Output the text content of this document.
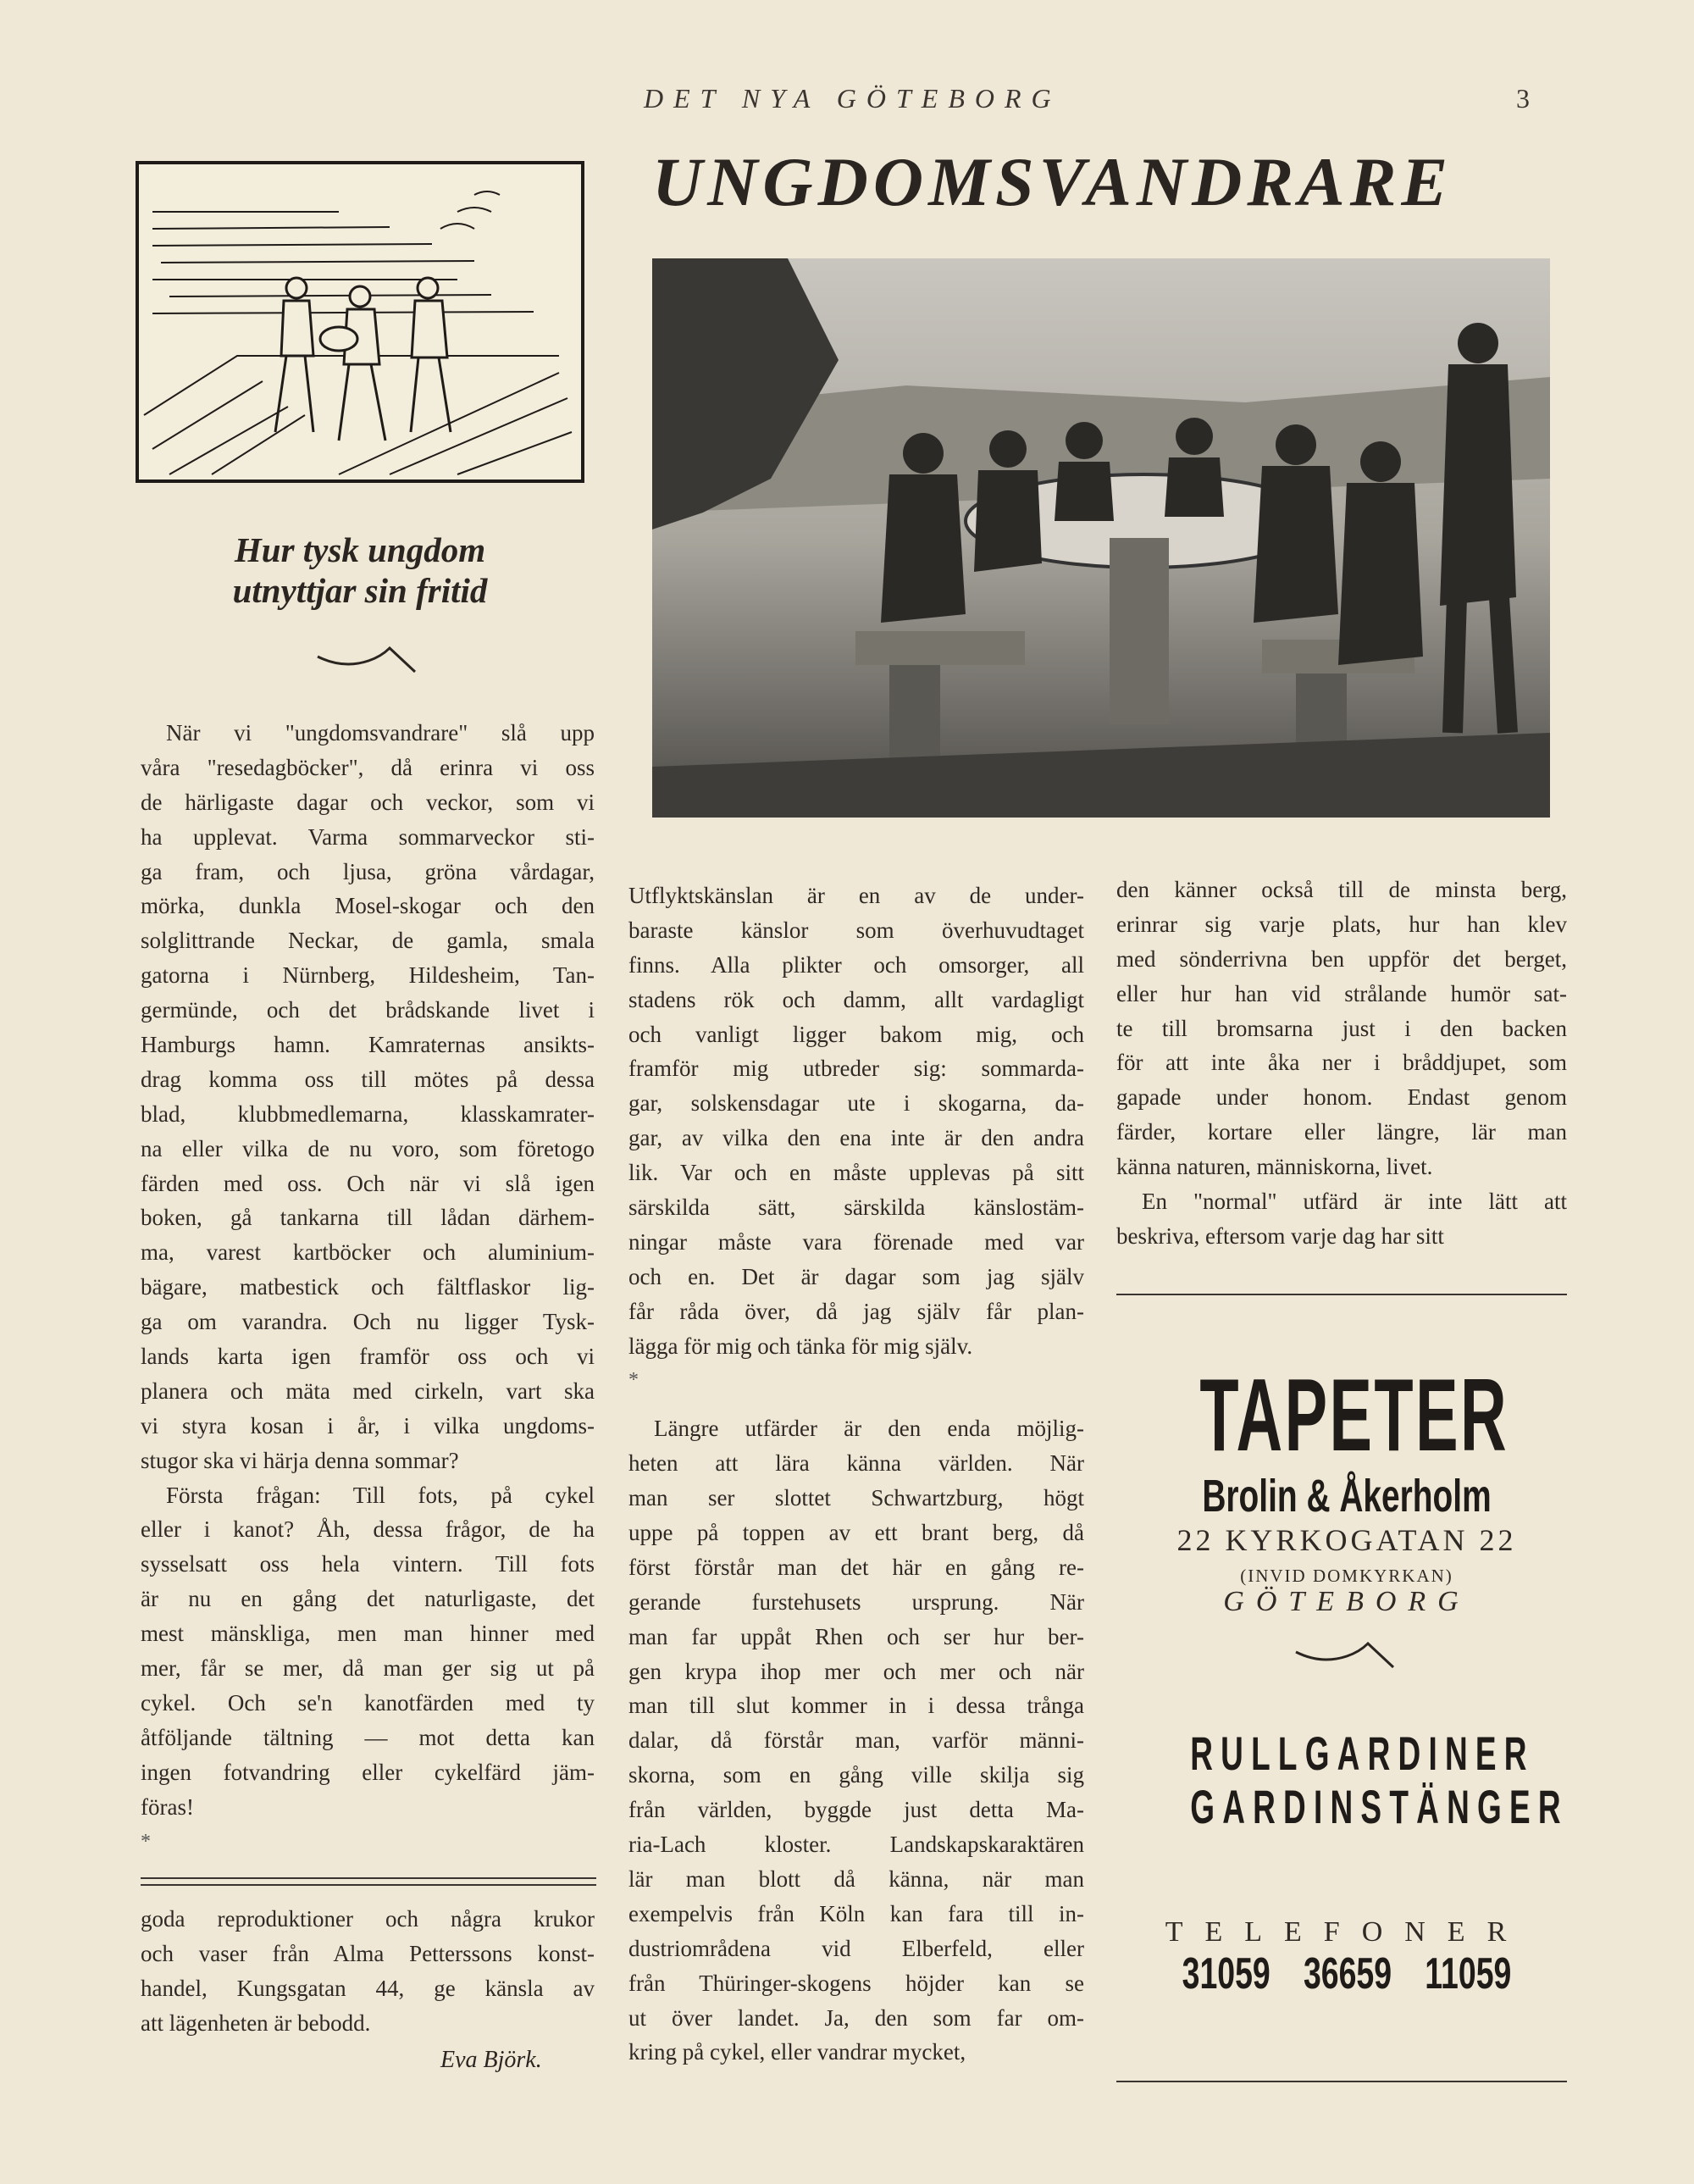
DET NYA GÖTEBORG	3
UNGDOMSVANDRARE
Hur tysk ungdom
utnyttjar sin fritid
När vi "ungdomsvandrare" slå upp
våra "resedagböcker", då erinra vi oss
de härligaste dagar och veckor, som vi
ha upplevat. Varma sommarveckor sti-
ga fram, och ljusa, gröna vårdagar,
mörka, dunkla Mosel-skogar och den
solglittrande Neckar, de gamla, smala
gatorna i Nürnberg, Hildesheim, Tan-
germünde, och det brådskande livet i
Hamburgs hamn. Kamraternas ansikts-
drag komma oss till mötes på dessa
blad, klubbmedlemarna, klasskamrater-
na eller vilka de nu voro, som företogo
färden med oss. Och när vi slå igen
boken, gå tankarna till lådan därhem-
ma, varest kartböcker och aluminium-
bägare, matbestick och fältflaskor lig-
ga om varandra. Och nu ligger Tysk-
lands karta igen framför oss och vi
planera och mäta med cirkeln, vart ska
vi styra kosan i år, i vilka ungdoms-
stugor ska vi härja denna sommar?
Första frågan: Till fots, på cykel
eller i kanot? Åh, dessa frågor, de ha
sysselsatt oss hela vintern. Till fots
är nu en gång det naturligaste, det
mest mänskliga, men man hinner med
mer, får se mer, då man ger sig ut på
cykel. Och se'n kanotfärden med ty
åtföljande tältning — mot detta kan
ingen fotvandring eller cykelfärd jäm-
föras!
*
goda reproduktioner och några krukor
och vaser från Alma Petterssons konst-
handel, Kungsgatan 44, ge känsla av
att lägenheten är bebodd.
Eva Björk.
Utflyktskänslan är en av de under-
baraste känslor som överhuvudtaget
finns. Alla plikter och omsorger, all
stadens rök och damm, allt vardagligt
och vanligt ligger bakom mig, och
framför mig utbreder sig: sommarda-
gar, solskensdagar ute i skogarna, da-
gar, av vilka den ena inte är den andra
lik. Var och en måste upplevas på sitt
särskilda sätt, särskilda känslostäm-
ningar måste vara förenade med var
och en. Det är dagar som jag själv
får råda över, då jag själv får plan-
lägga för mig och tänka för mig själv.
*
Längre utfärder är den enda möjlig-
heten att lära känna världen. När
man ser slottet Schwartzburg, högt
uppe på toppen av ett brant berg, då
först förstår man det här en gång re-
gerande furstehusets ursprung. När
man far uppåt Rhen och ser hur ber-
gen krypa ihop mer och mer och när
man till slut kommer in i dessa trånga
dalar, då förstår man, varför männi-
skorna, som en gång ville skilja sig
från världen, byggde just detta Ma-
ria-Lach kloster. Landskapskaraktären
lär man blott då känna, när man
exempelvis från Köln kan fara till in-
dustriområdena vid Elberfeld, eller
från Thüringer-skogens höjder kan se
ut över landet. Ja, den som far om-
kring på cykel, eller vandrar mycket,
den känner också till de minsta berg,
erinrar sig varje plats, hur han klev
med sönderrivna ben uppför det berget,
eller hur han vid strålande humör sat-
te till bromsarna just i den backen
för att inte åka ner i bråddjupet, som
gapade under honom. Endast genom
färder, kortare eller längre, lär man
känna naturen, människorna, livet.
En "normal" utfärd är inte lätt att
beskriva, eftersom varje dag har sitt
TAPETER
Brolin & Åkerholm
22 KYRKOGATAN 22
(INVID DOMKYRKAN)
GÖTEBORG
RULLGARDINER
GARDINSTÄNGER
TELEFONER
31059 36659 11059
